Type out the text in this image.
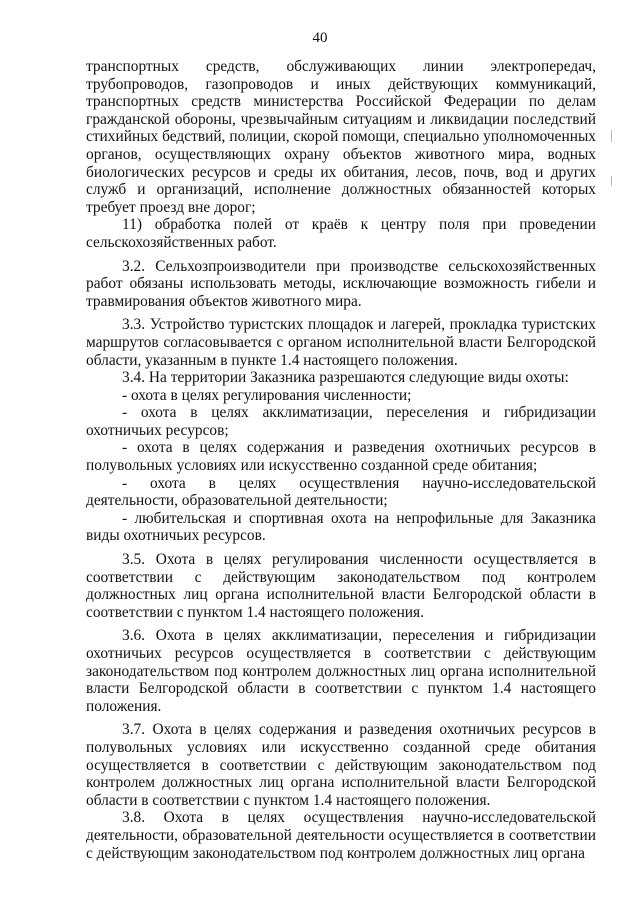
40

транспортных средств, обслуживающих линии электропередач, трубопроводов, газопроводов и иных действующих коммуникаций, транспортных средств министерства Российской Федерации по делам гражданской обороны, чрезвычайным ситуациям и ликвидации последствий стихийных бедствий, полиции, скорой помощи, специально уполномоченных органов, осуществляющих охрану объектов животного мира, водных биологических ресурсов и среды их обитания, лесов, почв, вод и других служб и организаций, исполнение должностных обязанностей которых требует проезд вне дорог;

11) обработка полей от краёв к центру поля при проведении сельскохозяйственных работ.

3.2. Сельхозпроизводители при производстве сельскохозяйственных работ обязаны использовать методы, исключающие возможность гибели и травмирования объектов животного мира.

3.3. Устройство туристских площадок и лагерей, прокладка туристских маршрутов согласовывается с органом исполнительной власти Белгородской области, указанным в пункте 1.4 настоящего положения.

3.4. На территории Заказника разрешаются следующие виды охоты:

- охота в целях регулирования численности;

- охота в целях акклиматизации, переселения и гибридизации охотничьих ресурсов;

- охота в целях содержания и разведения охотничьих ресурсов в полувольных условиях или искусственно созданной среде обитания;

- охота в целях осуществления научно-исследовательской деятельности, образовательной деятельности;

- любительская и спортивная охота на непрофильные для Заказника виды охотничьих ресурсов.

3.5. Охота в целях регулирования численности осуществляется в соответствии с действующим законодательством под контролем должностных лиц органа исполнительной власти Белгородской области в соответствии с пунктом 1.4 настоящего положения.

3.6. Охота в целях акклиматизации, переселения и гибридизации охотничьих ресурсов осуществляется в соответствии с действующим законодательством под контролем должностных лиц органа исполнительной власти Белгородской области в соответствии с пунктом 1.4 настоящего положения.

3.7. Охота в целях содержания и разведения охотничьих ресурсов в полувольных условиях или искусственно созданной среде обитания осуществляется в соответствии с действующим законодательством под контролем должностных лиц органа исполнительной власти Белгородской области в соответствии с пунктом 1.4 настоящего положения.

3.8. Охота в целях осуществления научно-исследовательской деятельности, образовательной деятельности осуществляется в соответствии с действующим законодательством под контролем должностных лиц органа
